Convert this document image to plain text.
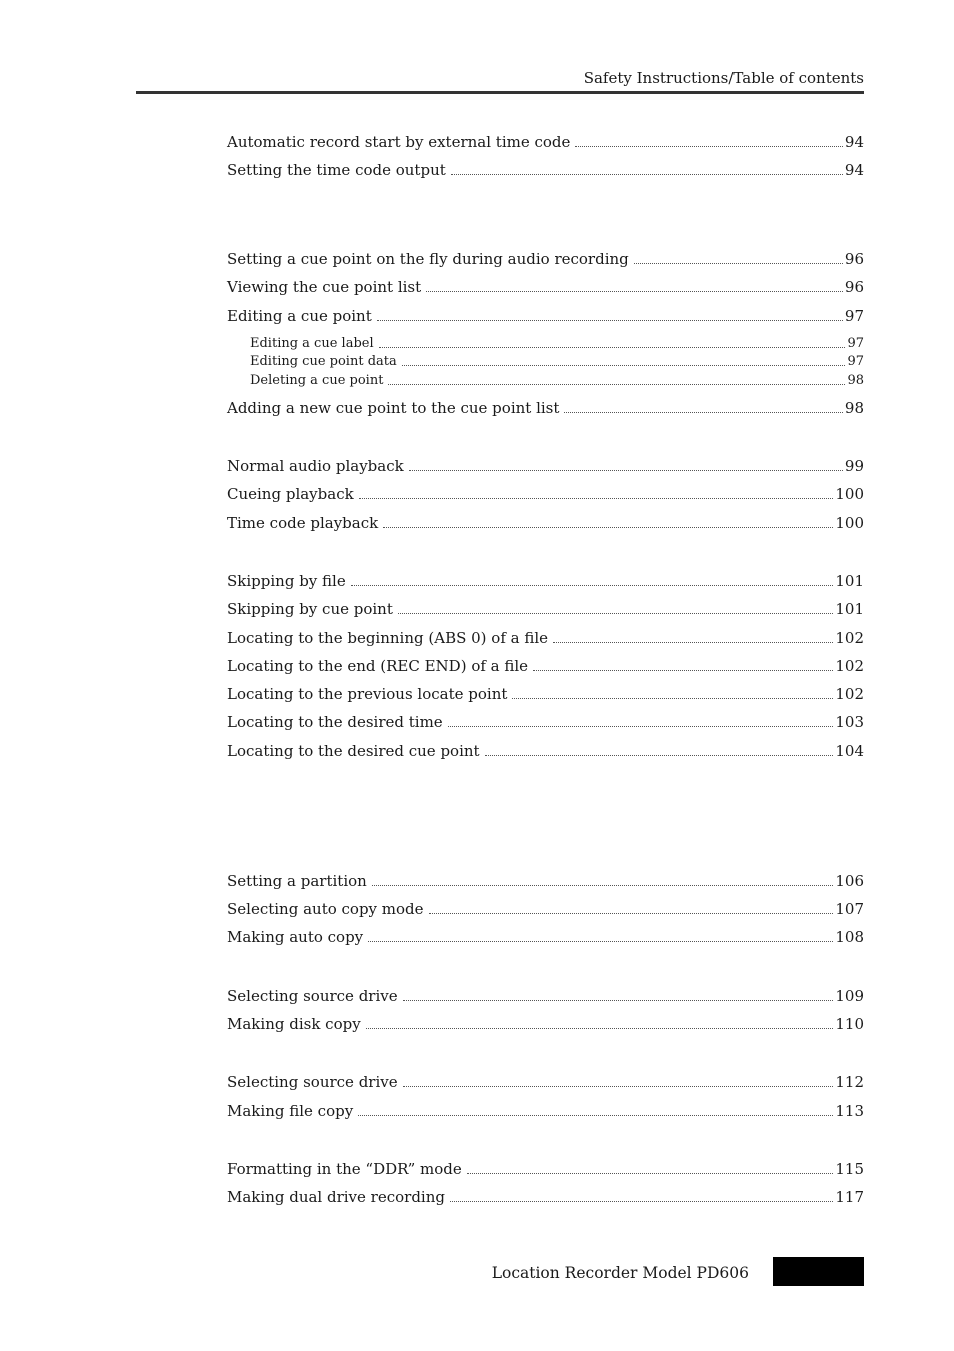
Safety Instructions/Table of contents
Automatic record start by external time code	94
Setting the time code output	94
Setting a cue point on the fly during audio recording	96
Viewing the cue point list	96
Editing a cue point	97
Editing a cue label	97
Editing cue point data	97
Deleting a cue point	98
Adding a new cue point to the cue point list	98
Normal audio playback	99
Cueing playback	100
Time code playback	100
Skipping by file	101
Skipping by cue point	101
Locating to the beginning (ABS 0) of a file	102
Locating to the end (REC END) of a file	102
Locating to the previous locate point	102
Locating to the desired time	103
Locating to the desired cue point	104
Setting a partition	106
Selecting auto copy mode	107
Making auto copy	108
Selecting source drive	109
Making disk copy	110
Selecting source drive	112
Making file copy	113
Formatting in the “DDR” mode	115
Making dual drive recording	117
Location Recorder Model PD606
